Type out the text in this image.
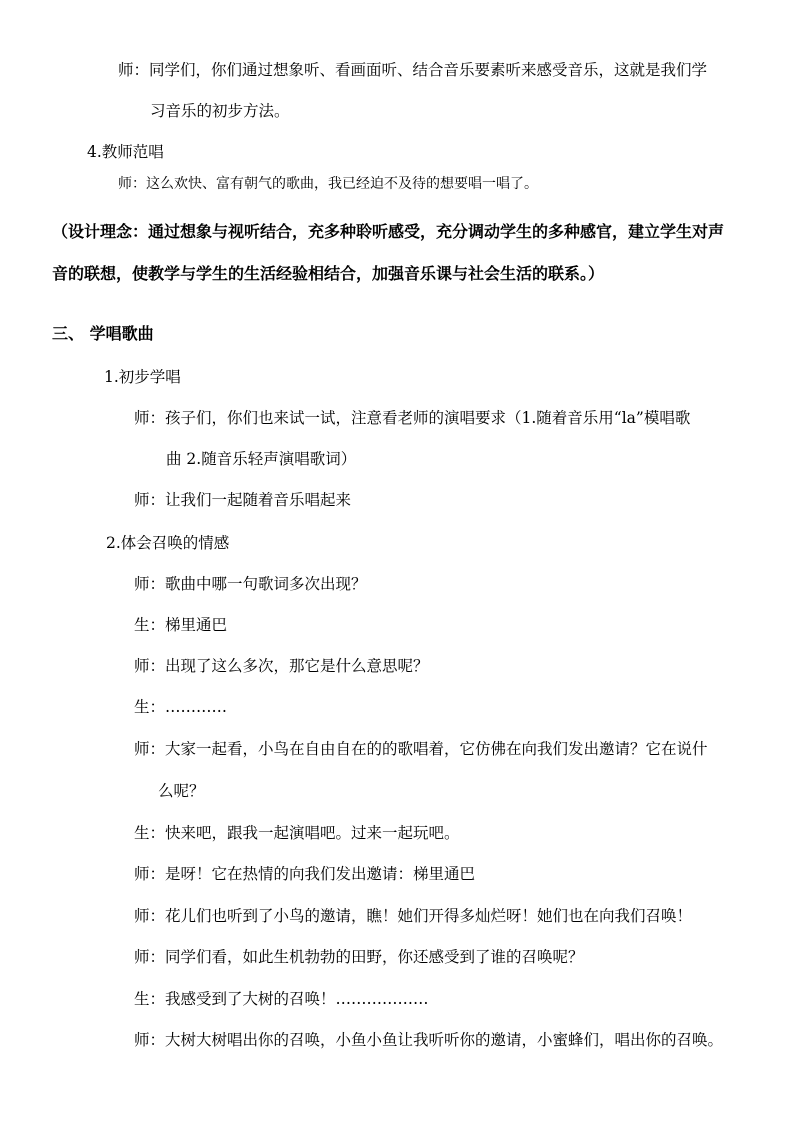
师：同学们，你们通过想象听、看画面听、结合音乐要素听来感受音乐，这就是我们学
习音乐的初步方法。
4.教师范唱
师：这么欢快、富有朝气的歌曲，我已经迫不及待的想要唱一唱了。
（设计理念：通过想象与视听结合，充多种聆听感受，充分调动学生的多种感官，建立学生对声
音的联想，使教学与学生的生活经验相结合，加强音乐课与社会生活的联系。）
三、 学唱歌曲
1.初步学唱
师：孩子们，你们也来试一试，注意看老师的演唱要求（1.随着音乐用“la”模唱歌
曲 2.随音乐轻声演唱歌词）
师：让我们一起随着音乐唱起来
2.体会召唤的情感
师：歌曲中哪一句歌词多次出现？
生：梯里通巴
师：出现了这么多次，那它是什么意思呢？
生：…………
师：大家一起看，小鸟在自由自在的的歌唱着，它仿佛在向我们发出邀请？它在说什
么呢？
生：快来吧，跟我一起演唱吧。过来一起玩吧。
师：是呀！它在热情的向我们发出邀请：梯里通巴
师：花儿们也听到了小鸟的邀请，瞧！她们开得多灿烂呀！她们也在向我们召唤！
师：同学们看，如此生机勃勃的田野，你还感受到了谁的召唤呢？
生：我感受到了大树的召唤！………………
师：大树大树唱出你的召唤，小鱼小鱼让我听听你的邀请，小蜜蜂们，唱出你的召唤。
